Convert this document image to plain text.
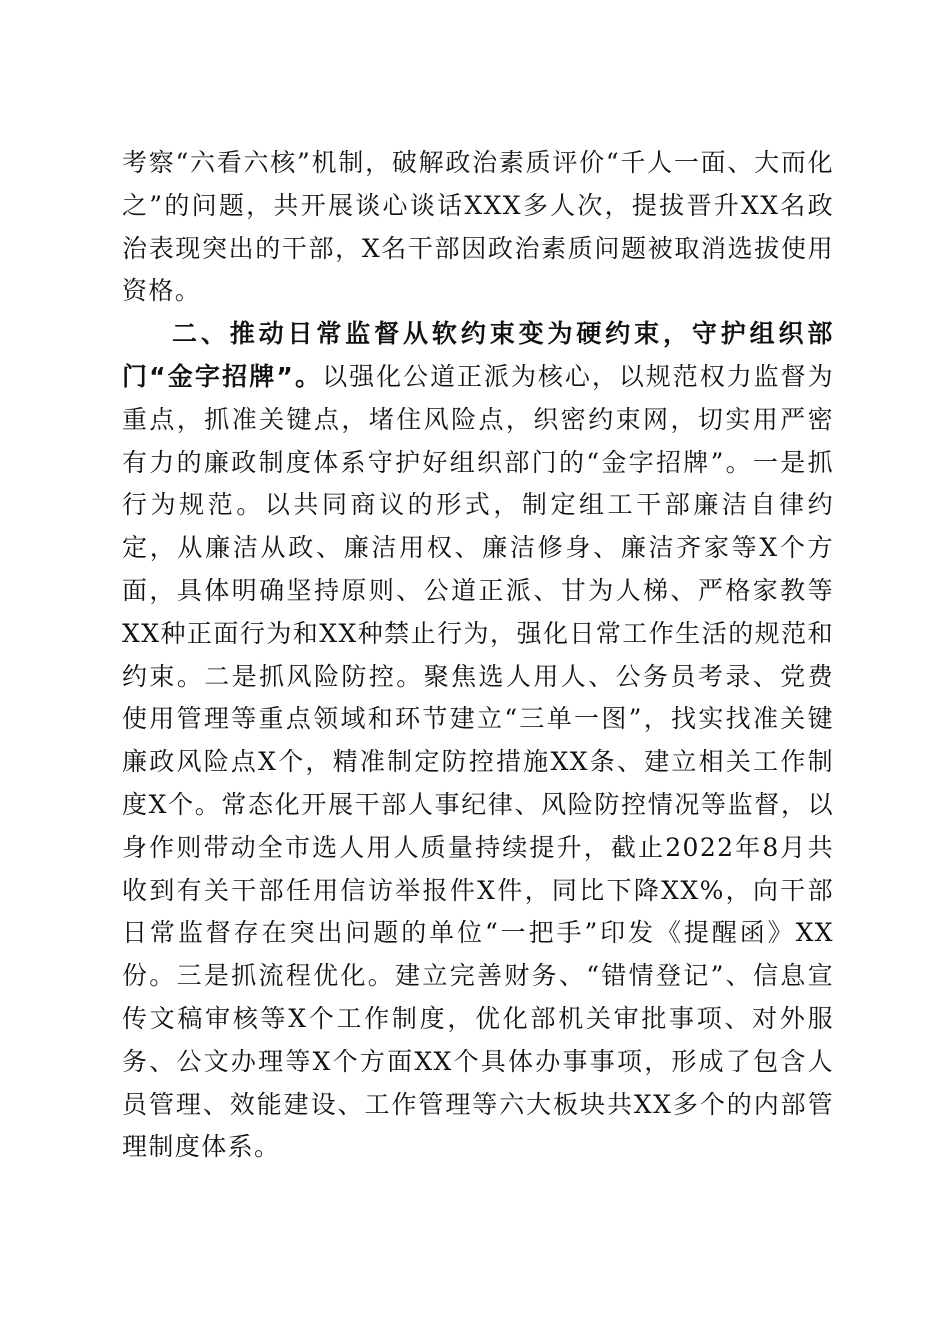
考察“六看六核”机制，破解政治素质评价“千人一面、大而化之”的问题，共开展谈心谈话XXX多人次，提拔晋升XX名政治表现突出的干部，X名干部因政治素质问题被取消选拔使用资格。

二、推动日常监督从软约束变为硬约束，守护组织部门“金字招牌”。以强化公道正派为核心，以规范权力监督为重点，抓准关键点，堵住风险点，织密约束网，切实用严密有力的廉政制度体系守护好组织部门的“金字招牌”。一是抓行为规范。以共同商议的形式，制定组工干部廉洁自律约定，从廉洁从政、廉洁用权、廉洁修身、廉洁齐家等X个方面，具体明确坚持原则、公道正派、甘为人梯、严格家教等XX种正面行为和XX种禁止行为，强化日常工作生活的规范和约束。二是抓风险防控。聚焦选人用人、公务员考录、党费使用管理等重点领域和环节建立“三单一图”，找实找准关键廉政风险点X个，精准制定防控措施XX条、建立相关工作制度X个。常态化开展干部人事纪律、风险防控情况等监督，以身作则带动全市选人用人质量持续提升，截止2022年8月共收到有关干部任用信访举报件X件，同比下降XX%，向干部日常监督存在突出问题的单位“一把手”印发《提醒函》XX份。三是抓流程优化。建立完善财务、“错情登记”、信息宣传文稿审核等X个工作制度，优化部机关审批事项、对外服务、公文办理等X个方面XX个具体办事事项，形成了包含人员管理、效能建设、工作管理等六大板块共XX多个的内部管理制度体系。
